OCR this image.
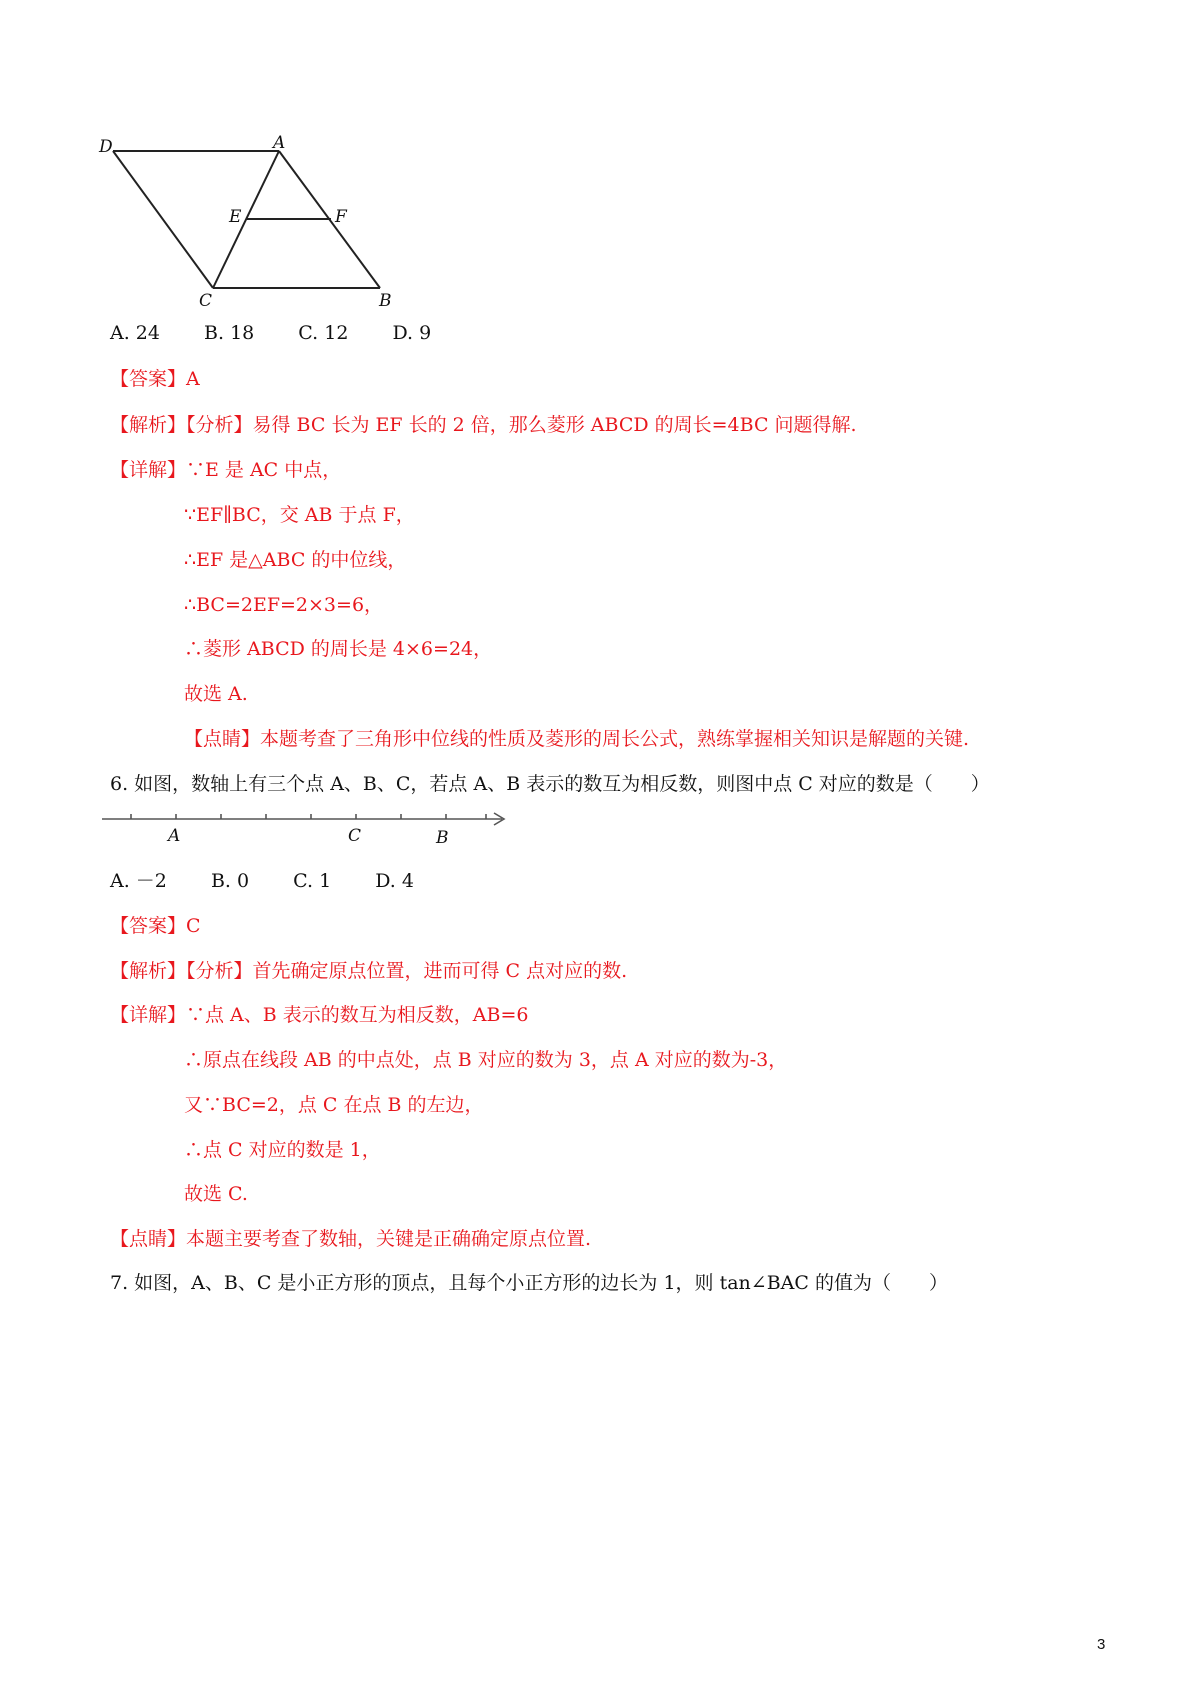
D	A
E	F
C	B
A. 24 B. 18 C. 12 D. 9
【答案】A
【解析】【分析】易得 BC 长为 EF 长的 2 倍，那么菱形 ABCD 的周长=4BC 问题得解.
【详解】∵E 是 AC 中点，
∵EF∥BC，交 AB 于点 F，
∴EF 是△ABC 的中位线，
∴BC=2EF=2×3=6，
∴菱形 ABCD 的周长是 4×6=24，
故选 A.
【点睛】本题考查了三角形中位线的性质及菱形的周长公式，熟练掌握相关知识是解题的关键.
6. 如图，数轴上有三个点 A、B、C，若点 A、B 表示的数互为相反数，则图中点 C 对应的数是（　　）
A	C	B
A. －2 B. 0 C. 1 D. 4
【答案】C
【解析】【分析】首先确定原点位置，进而可得 C 点对应的数.
【详解】∵点 A、B 表示的数互为相反数，AB=6
∴原点在线段 AB 的中点处，点 B 对应的数为 3，点 A 对应的数为-3，
又∵BC=2，点 C 在点 B 的左边，
∴点 C 对应的数是 1，
故选 C.
【点睛】本题主要考查了数轴，关键是正确确定原点位置.
7. 如图，A、B、C 是小正方形的顶点，且每个小正方形的边长为 1，则 tan∠BAC 的值为（　　）
3
